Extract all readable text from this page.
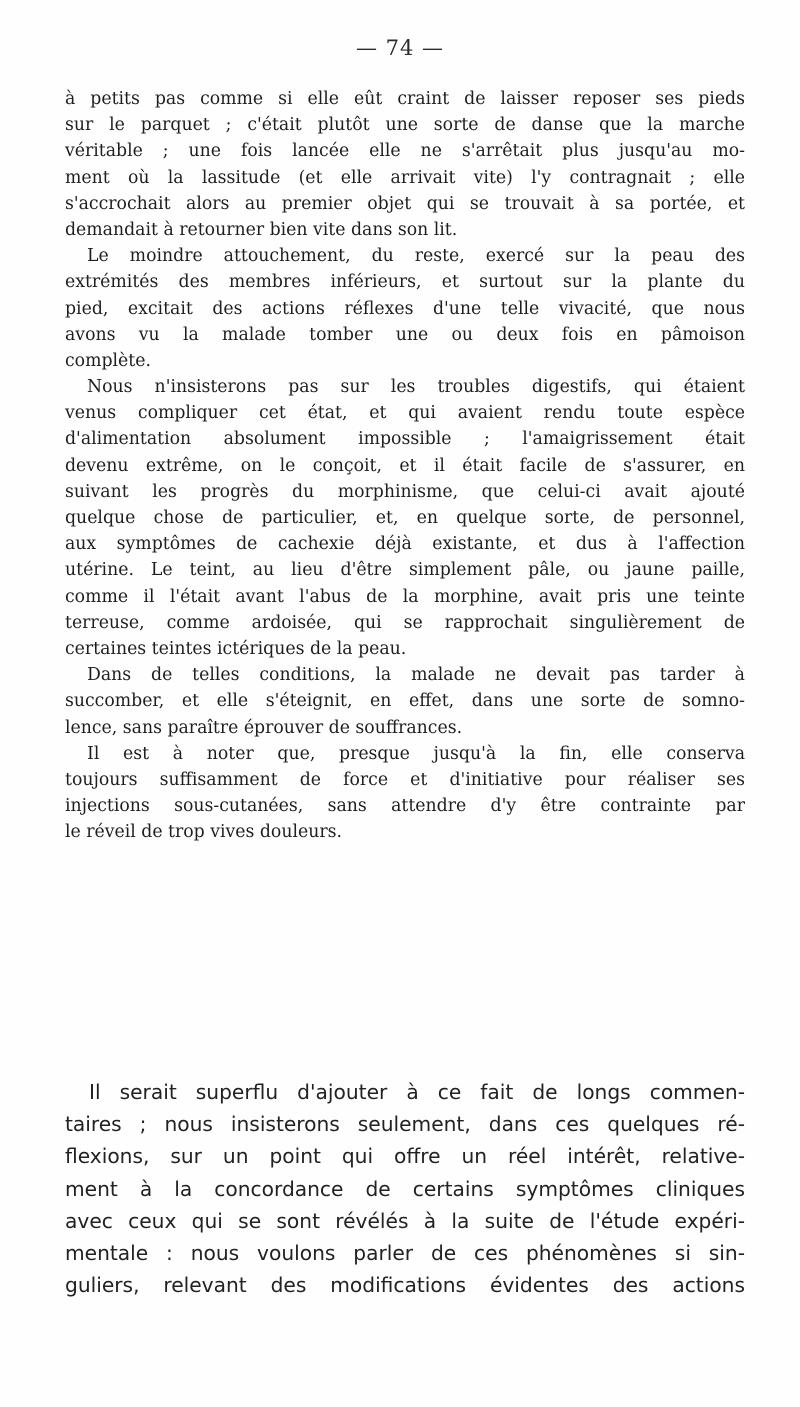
— 74 —
à petits pas comme si elle eût craint de laisser reposer ses pieds
sur le parquet ; c'était plutôt une sorte de danse que la marche
véritable ; une fois lancée elle ne s'arrêtait plus jusqu'au mo-
ment où la lassitude (et elle arrivait vite) l'y contragnait ; elle
s'accrochait alors au premier objet qui se trouvait à sa portée, et
demandait à retourner bien vite dans son lit.
Le moindre attouchement, du reste, exercé sur la peau des
extrémités des membres inférieurs, et surtout sur la plante du
pied, excitait des actions réflexes d'une telle vivacité, que nous
avons vu la malade tomber une ou deux fois en pâmoison
complète.
Nous n'insisterons pas sur les troubles digestifs, qui étaient
venus compliquer cet état, et qui avaient rendu toute espèce
d'alimentation absolument impossible ; l'amaigrissement était
devenu extrême, on le conçoit, et il était facile de s'assurer, en
suivant les progrès du morphinisme, que celui-ci avait ajouté
quelque chose de particulier, et, en quelque sorte, de personnel,
aux symptômes de cachexie déjà existante, et dus à l'affection
utérine. Le teint, au lieu d'être simplement pâle, ou jaune paille,
comme il l'était avant l'abus de la morphine, avait pris une teinte
terreuse, comme ardoisée, qui se rapprochait singulièrement de
certaines teintes ictériques de la peau.
Dans de telles conditions, la malade ne devait pas tarder à
succomber, et elle s'éteignit, en effet, dans une sorte de somno-
lence, sans paraître éprouver de souffrances.
Il est à noter que, presque jusqu'à la fin, elle conserva
toujours suffisamment de force et d'initiative pour réaliser ses
injections sous-cutanées, sans attendre d'y être contrainte par
le réveil de trop vives douleurs.
Il serait superflu d'ajouter à ce fait de longs commen-
taires ; nous insisterons seulement, dans ces quelques ré-
flexions, sur un point qui offre un réel intérêt, relative-
ment à la concordance de certains symptômes cliniques
avec ceux qui se sont révélés à la suite de l'étude expéri-
mentale : nous voulons parler de ces phénomènes si sin-
guliers, relevant des modifications évidentes des actions
